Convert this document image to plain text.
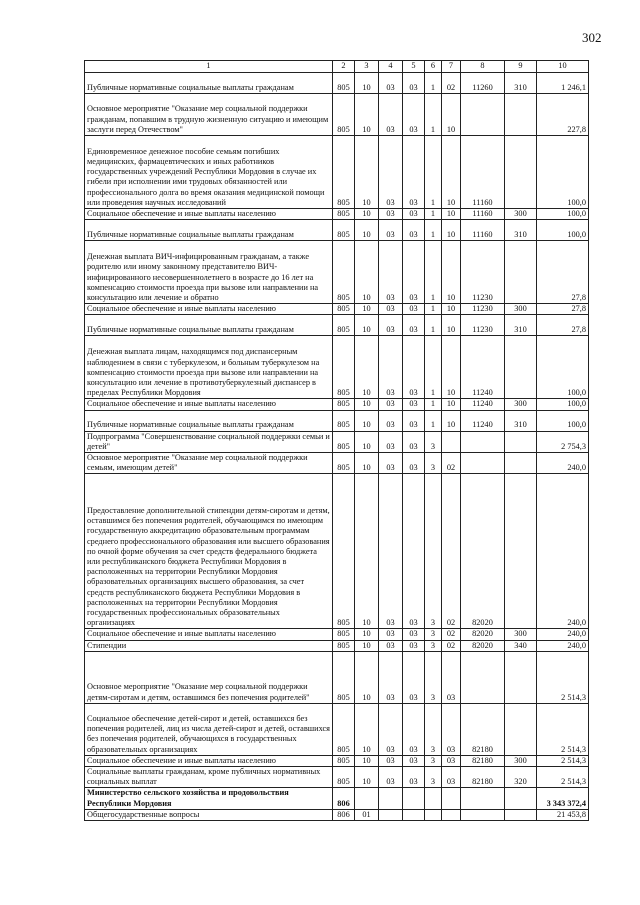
302
1	2	3	4	5	6	7	8	9	10
Публичные нормативные социальные выплаты гражданам	805	10	03	03	1	02	11260	310	1 246,1
Основное мероприятие "Оказание мер социальной поддержки гражданам, попавшим в трудную жизненную ситуацию и имеющим заслуги перед Отечеством"	805	10	03	03	1	10			227,8
Единовременное денежное пособие семьям погибших медицинских, фармацевтических и иных работников государственных учреждений Республики Мордовия в случае их гибели при исполнении ими трудовых обязанностей или профессионального долга во время оказания медицинской помощи или проведения научных исследований	805	10	03	03	1	10	11160		100,0
Социальное обеспечение и иные выплаты населению	805	10	03	03	1	10	11160	300	100,0
Публичные нормативные социальные выплаты гражданам	805	10	03	03	1	10	11160	310	100,0
Денежная выплата ВИЧ-инфицированным гражданам, а также родителю или иному законному представителю ВИЧ-инфицированного несовершеннолетнего в возрасте до 16 лет на компенсацию стоимости проезда при вызове или направлении на консультацию или лечение и обратно	805	10	03	03	1	10	11230		27,8
Социальное обеспечение и иные выплаты населению	805	10	03	03	1	10	11230	300	27,8
Публичные нормативные социальные выплаты гражданам	805	10	03	03	1	10	11230	310	27,8
Денежная выплата лицам, находящимся под диспансерным наблюдением в связи с туберкулезом, и больным туберкулезом на компенсацию стоимости проезда при вызове или направлении на консультацию или лечение в противотуберкулезный диспансер в пределах Республики Мордовия	805	10	03	03	1	10	11240		100,0
Социальное обеспечение и иные выплаты населению	805	10	03	03	1	10	11240	300	100,0
Публичные нормативные социальные выплаты гражданам	805	10	03	03	1	10	11240	310	100,0
Подпрограмма "Совершенствование социальной поддержки семьи и детей"	805	10	03	03	3				2 754,3
Основное мероприятие "Оказание мер социальной поддержки семьям, имеющим детей"	805	10	03	03	3	02			240,0
Предоставление дополнительной стипендии детям-сиротам и детям, оставшимся без попечения родителей, обучающимся по имеющим государственную аккредитацию образовательным программам среднего профессионального образования или высшего образования по очной форме обучения за счет средств федерального бюджета или республиканского бюджета Республики Мордовия в расположенных на территории Республики Мордовия образовательных организациях высшего образования, за счет средств республиканского бюджета Республики Мордовия в расположенных на территории Республики Мордовия государственных профессиональных образовательных организациях	805	10	03	03	3	02	82020		240,0
Социальное обеспечение и иные выплаты населению	805	10	03	03	3	02	82020	300	240,0
Стипендии	805	10	03	03	3	02	82020	340	240,0
Основное мероприятие "Оказание мер социальной поддержки детям-сиротам и детям, оставшимся без попечения родителей"	805	10	03	03	3	03			2 514,3
Социальное обеспечение детей-сирот и детей, оставшихся без попечения родителей, лиц из числа детей-сирот и детей, оставшихся без попечения родителей, обучающихся в государственных образовательных организациях	805	10	03	03	3	03	82180		2 514,3
Социальное обеспечение и иные выплаты населению	805	10	03	03	3	03	82180	300	2 514,3
Социальные выплаты гражданам, кроме публичных нормативных социальных выплат	805	10	03	03	3	03	82180	320	2 514,3
Министерство сельского хозяйства и продовольствия Республики Мордовия	806								3 343 372,4
Общегосударственные вопросы	806	01							21 453,8
